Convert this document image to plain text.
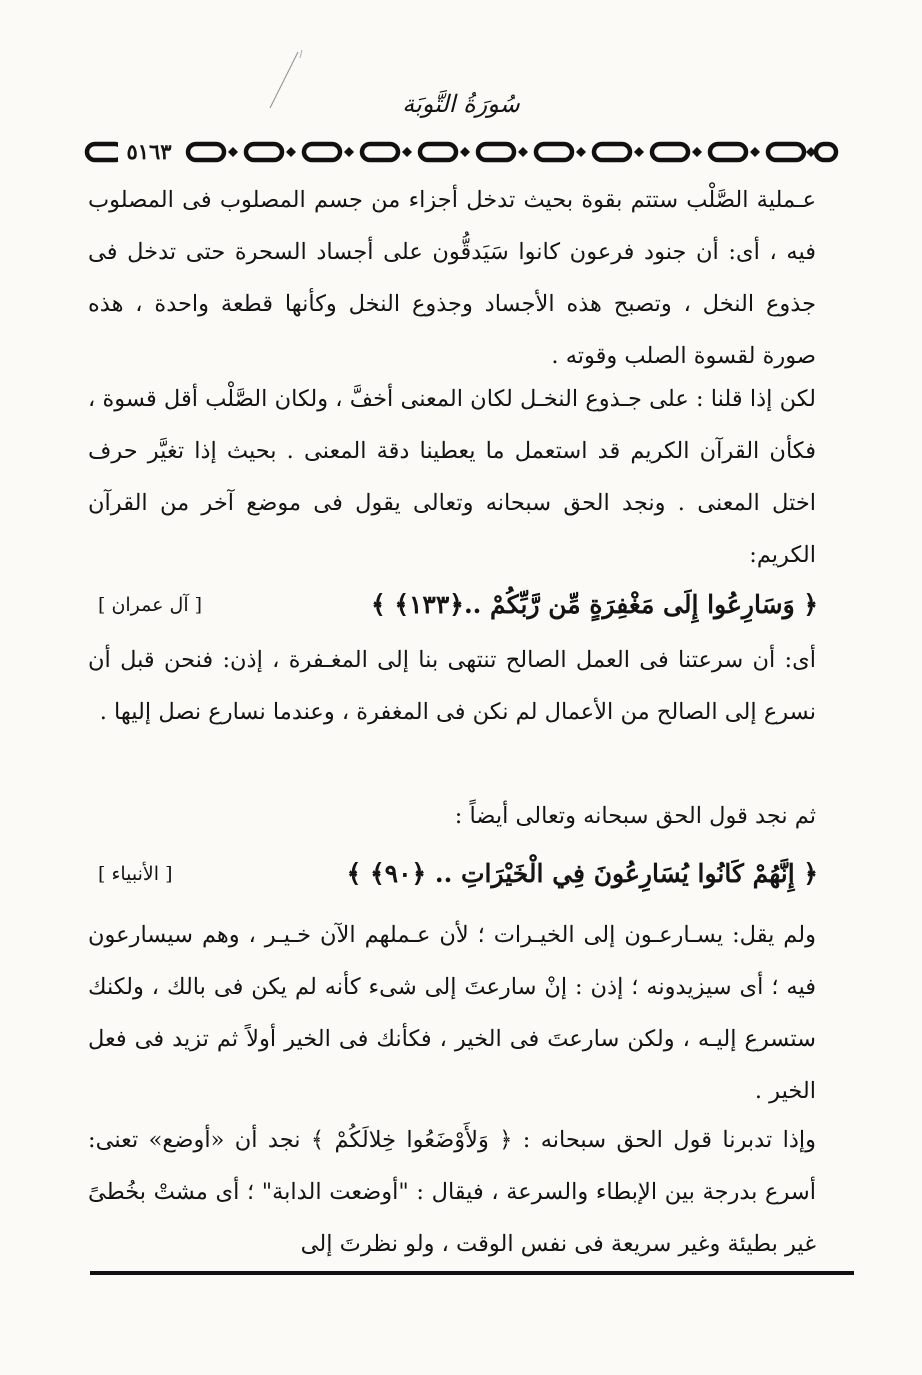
سُورَةُ التَّوبَة
٥١٦٣

عـملية الصَّلْب ستتم بقوة بحيث تدخل أجزاء من جسم المصلوب فى المصلوب فيه ، أى: أن جنود فرعون كانوا سَيَدقُّون على أجساد السحرة حتى تدخل فى جذوع النخل ، وتصبح هذه الأجساد وجذوع النخل وكأنها قطعة واحدة ، هذه صورة لقسوة الصلب وقوته .

لكن إذا قلنا : على جـذوع النخـل لكان المعنى أخفَّ ، ولكان الصَّلْب أقل قسوة ، فكأن القرآن الكريم قد استعمل ما يعطينا دقة المعنى . بحيث إذا تغيَّر حرف اختل المعنى . ونجد الحق سبحانه وتعالى يقول فى موضع آخر من القرآن الكريم:

﴿ وَسَارِعُوا إِلَى مَغْفِرَةٍ مِّن رَّبِّكُمْ ..﴿١٣٣﴾ ﴾
[ آل عمران ]

أى: أن سرعتنا فى العمل الصالح تنتهى بنا إلى المغـفرة ، إذن: فنحن قبل أن نسرع إلى الصالح من الأعمال لم نكن فى المغفرة ، وعندما نسارع نصل إليها .

ثم نجد قول الحق سبحانه وتعالى أيضاً :

﴿ إِنَّهُمْ كَانُوا يُسَارِعُونَ فِي الْخَيْرَاتِ .. ﴿٩٠﴾ ﴾
[ الأنبياء ]

ولم يقل: يسـارعـون إلى الخيـرات ؛ لأن عـملهم الآن خـيـر ، وهم سيسارعون فيه ؛ أى سيزيدونه ؛ إذن : إنْ سارعتَ إلى شىء كأنه لم يكن فى بالك ، ولكنك ستسرع إليـه ، ولكن سارعتَ فى الخير ، فكأنك فى الخير أولاً ثم تزيد فى فعل الخير .

وإذا تدبرنا قول الحق سبحانه : ﴿ وَلأَوْضَعُوا خِلالَكُمْ ﴾ نجد أن «أوضع» تعنى: أسرع بدرجة بين الإبطاء والسرعة ، فيقال : "أوضعت الدابة" ؛ أى مشتْ بخُطىً غير بطيئة وغير سريعة فى نفس الوقت ، ولو نظرتَ إلى
